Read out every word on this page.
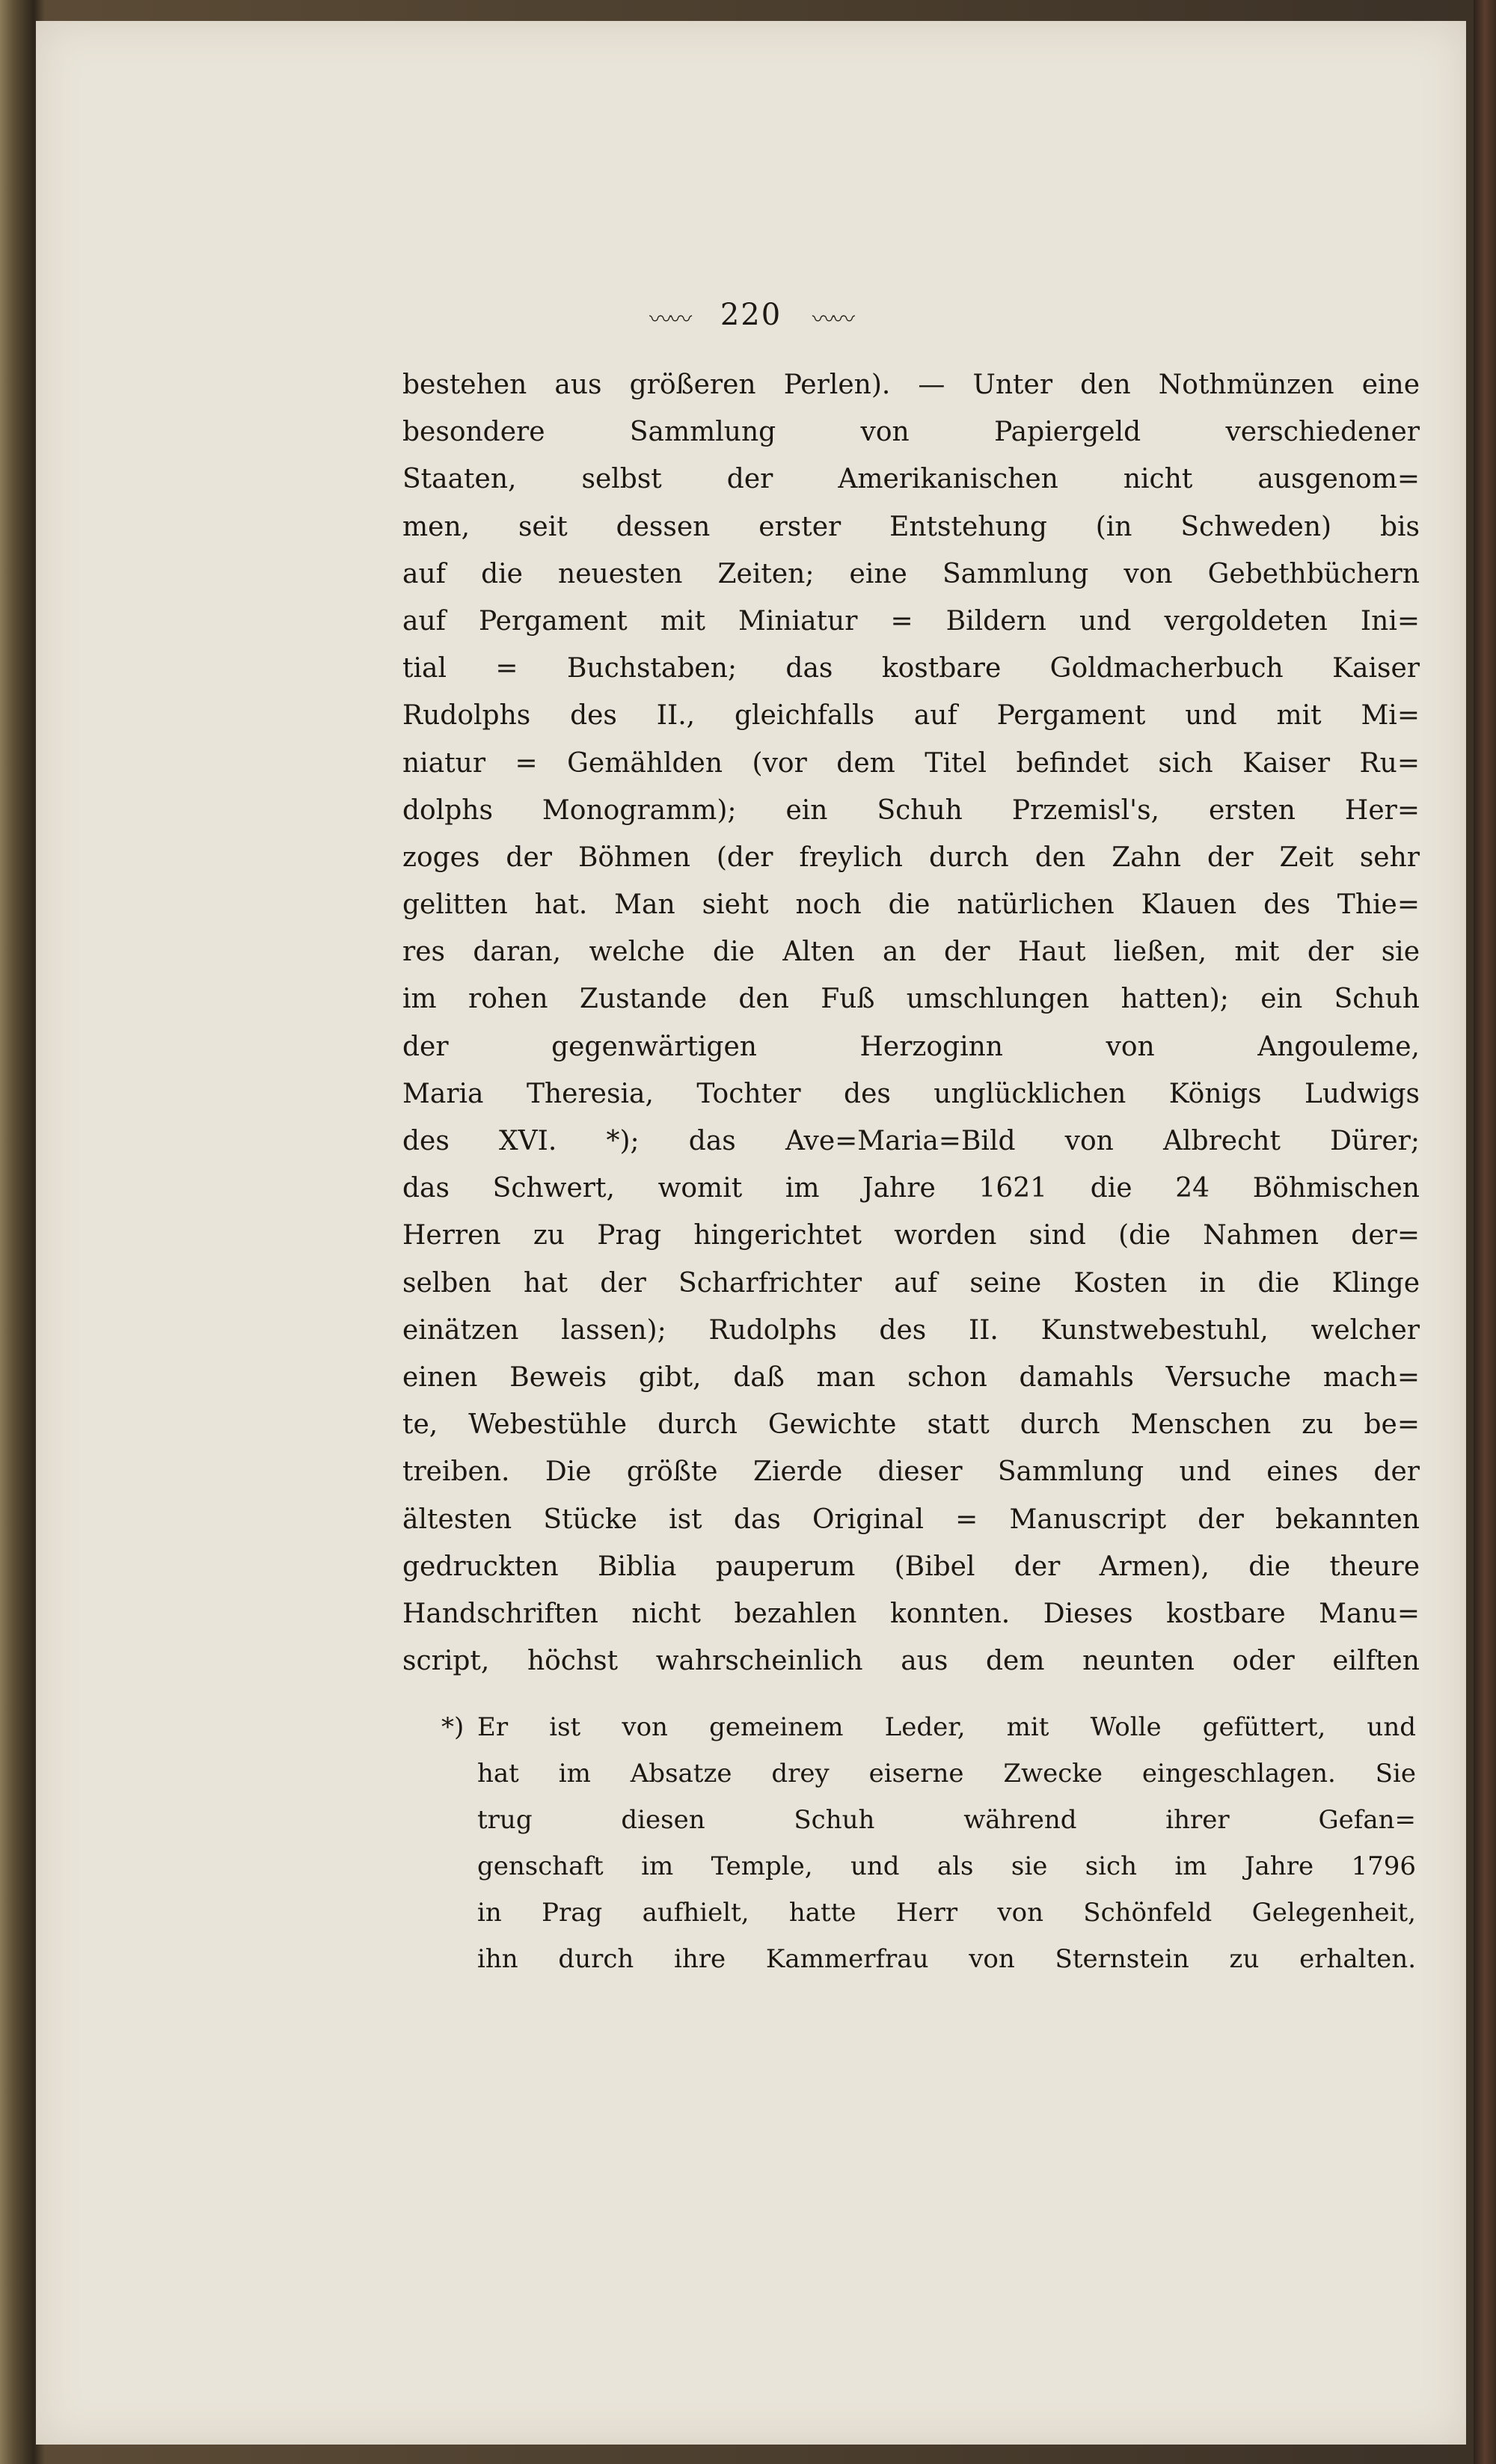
〰〰 220 〰〰
bestehen aus größeren Perlen). — Unter den Nothmünzen eine
besondere Sammlung von Papiergeld verschiedener
Staaten, selbst der Amerikanischen nicht ausgenom=
men, seit dessen erster Entstehung (in Schweden) bis
auf die neuesten Zeiten; eine Sammlung von Gebethbüchern
auf Pergament mit Miniatur = Bildern und vergoldeten Ini=
tial = Buchstaben; das kostbare Goldmacherbuch Kaiser
Rudolphs des II., gleichfalls auf Pergament und mit Mi=
niatur = Gemählden (vor dem Titel befindet sich Kaiser Ru=
dolphs Monogramm); ein Schuh Przemisl's, ersten Her=
zoges der Böhmen (der freylich durch den Zahn der Zeit sehr
gelitten hat. Man sieht noch die natürlichen Klauen des Thie=
res daran, welche die Alten an der Haut ließen, mit der sie
im rohen Zustande den Fuß umschlungen hatten); ein Schuh
der gegenwärtigen Herzoginn von Angouleme,
Maria Theresia, Tochter des unglücklichen Königs Ludwigs
des XVI. *); das Ave=Maria=Bild von Albrecht Dürer;
das Schwert, womit im Jahre 1621 die 24 Böhmischen
Herren zu Prag hingerichtet worden sind (die Nahmen der=
selben hat der Scharfrichter auf seine Kosten in die Klinge
einätzen lassen); Rudolphs des II. Kunstwebestuhl, welcher
einen Beweis gibt, daß man schon damahls Versuche mach=
te, Webestühle durch Gewichte statt durch Menschen zu be=
treiben. Die größte Zierde dieser Sammlung und eines der
ältesten Stücke ist das Original = Manuscript der bekannten
gedruckten Biblia pauperum (Bibel der Armen), die theure
Handschriften nicht bezahlen konnten. Dieses kostbare Manu=
script, höchst wahrscheinlich aus dem neunten oder eilften
*) Er ist von gemeinem Leder, mit Wolle gefüttert, und
hat im Absatze drey eiserne Zwecke eingeschlagen. Sie
trug diesen Schuh während ihrer Gefan=
genschaft im Temple, und als sie sich im Jahre 1796
in Prag aufhielt, hatte Herr von Schönfeld Gelegenheit,
ihn durch ihre Kammerfrau von Sternstein zu erhalten.
